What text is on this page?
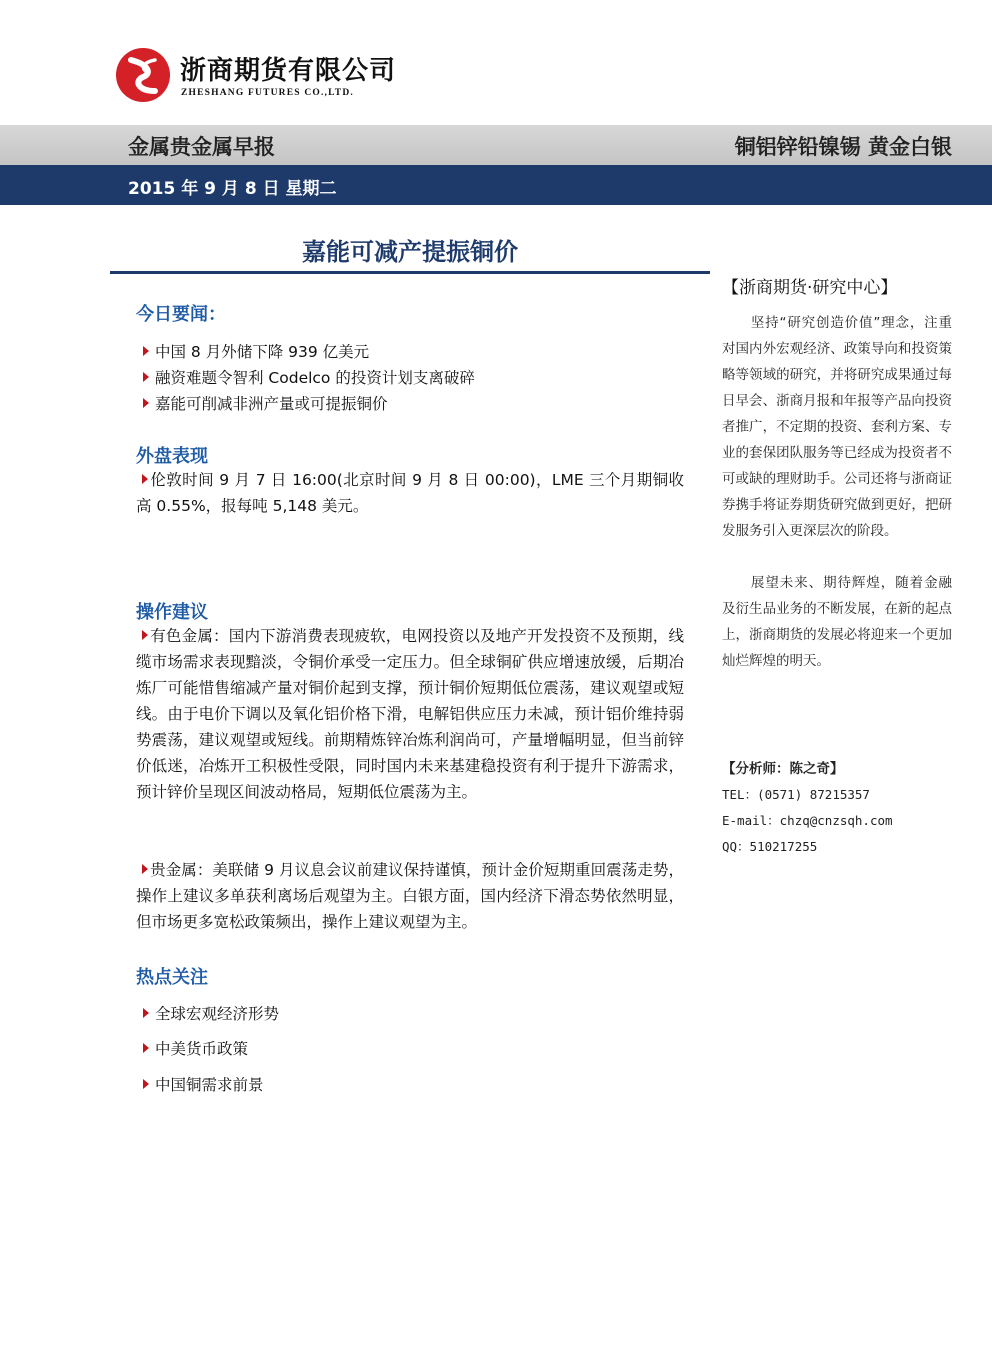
浙商期货有限公司
ZHESHANG FUTURES CO.,LTD.
金属贵金属早报	铜铝锌铅镍锡 黄金白银
2015 年 9 月 8 日 星期二
嘉能可减产提振铜价
今日要闻：
中国 8 月外储下降 939 亿美元
融资难题令智利 Codelco 的投资计划支离破碎
嘉能可削减非洲产量或可提振铜价
外盘表现
伦敦时间 9 月 7 日 16:00(北京时间 9 月 8 日 00:00)，LME 三个月期铜收高 0.55%，报每吨 5,148 美元。
操作建议
有色金属：国内下游消费表现疲软，电网投资以及地产开发投资不及预期，线缆市场需求表现黯淡，令铜价承受一定压力。但全球铜矿供应增速放缓，后期冶炼厂可能惜售缩减产量对铜价起到支撑，预计铜价短期低位震荡，建议观望或短线。由于电价下调以及氧化铝价格下滑，电解铝供应压力未减，预计铝价维持弱势震荡，建议观望或短线。前期精炼锌冶炼利润尚可，产量增幅明显，但当前锌价低迷，冶炼开工积极性受限，同时国内未来基建稳投资有利于提升下游需求，预计锌价呈现区间波动格局，短期低位震荡为主。
贵金属：美联储 9 月议息会议前建议保持谨慎，预计金价短期重回震荡走势，操作上建议多单获利离场后观望为主。白银方面，国内经济下滑态势依然明显，但市场更多宽松政策频出，操作上建议观望为主。
热点关注
全球宏观经济形势
中美货币政策
中国铜需求前景
【浙商期货·研究中心】
坚持“研究创造价值”理念，注重对国内外宏观经济、政策导向和投资策略等领域的研究，并将研究成果通过每日早会、浙商月报和年报等产品向投资者推广，不定期的投资、套利方案、专业的套保团队服务等已经成为投资者不可或缺的理财助手。公司还将与浙商证券携手将证券期货研究做到更好，把研发服务引入更深层次的阶段。
展望未来、期待辉煌，随着金融及衍生品业务的不断发展，在新的起点上，浙商期货的发展必将迎来一个更加灿烂辉煌的明天。
【分析师：陈之奇】
TEL：(0571) 87215357
E-mail：chzq@cnzsqh.com
QQ：510217255
